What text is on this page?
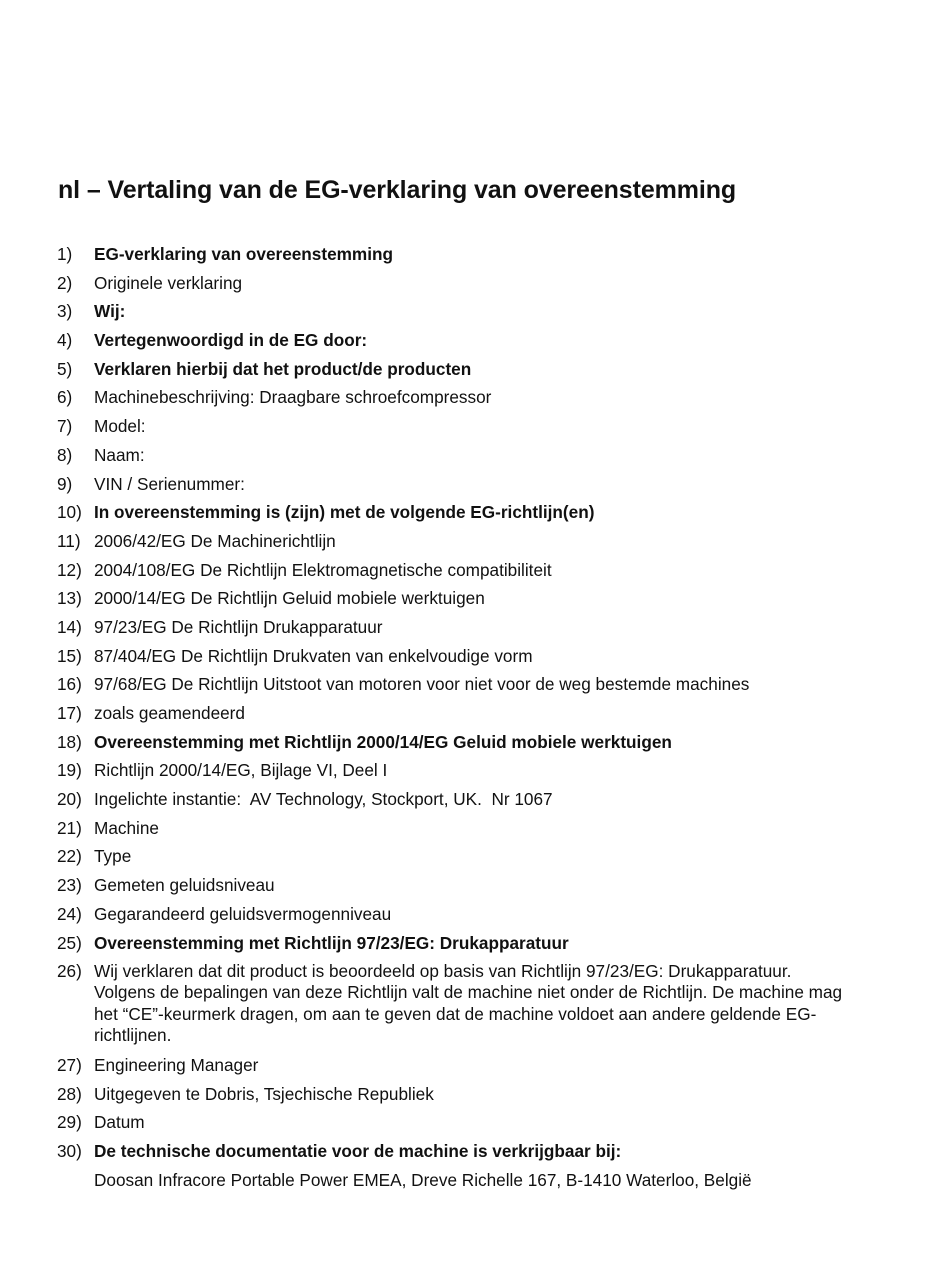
nl – Vertaling van de EG-verklaring van overeenstemming
1)	EG-verklaring van overeenstemming
2)	Originele verklaring
3)	Wij:
4)	Vertegenwoordigd in de EG door:
5)	Verklaren hierbij dat het product/de producten
6)	Machinebeschrijving: Draagbare schroefcompressor
7)	Model:
8)	Naam:
9)	VIN / Serienummer:
10) In overeenstemming is (zijn) met de volgende EG-richtlijn(en)
11) 2006/42/EG De Machinerichtlijn
12) 2004/108/EG De Richtlijn Elektromagnetische compatibiliteit
13) 2000/14/EG De Richtlijn Geluid mobiele werktuigen
14) 97/23/EG De Richtlijn Drukapparatuur
15) 87/404/EG De Richtlijn Drukvaten van enkelvoudige vorm
16) 97/68/EG De Richtlijn Uitstoot van motoren voor niet voor de weg bestemde machines
17) zoals geamendeerd
18) Overeenstemming met Richtlijn 2000/14/EG Geluid mobiele werktuigen
19) Richtlijn 2000/14/EG, Bijlage VI, Deel I
20) Ingelichte instantie:  AV Technology, Stockport, UK.  Nr 1067
21) Machine
22) Type
23) Gemeten geluidsniveau
24) Gegarandeerd geluidsvermogenniveau
25) Overeenstemming met Richtlijn 97/23/EG: Drukapparatuur
26) Wij verklaren dat dit product is beoordeeld op basis van Richtlijn 97/23/EG: Drukapparatuur. Volgens de bepalingen van deze Richtlijn valt de machine niet onder de Richtlijn. De machine mag het “CE”-keurmerk dragen, om aan te geven dat de machine voldoet aan andere geldende EG-richtlijnen.
27) Engineering Manager
28) Uitgegeven te Dobris, Tsjechische Republiek
29) Datum
30) De technische documentatie voor de machine is verkrijgbaar bij:
Doosan Infracore Portable Power EMEA, Dreve Richelle 167, B-1410 Waterloo, België
